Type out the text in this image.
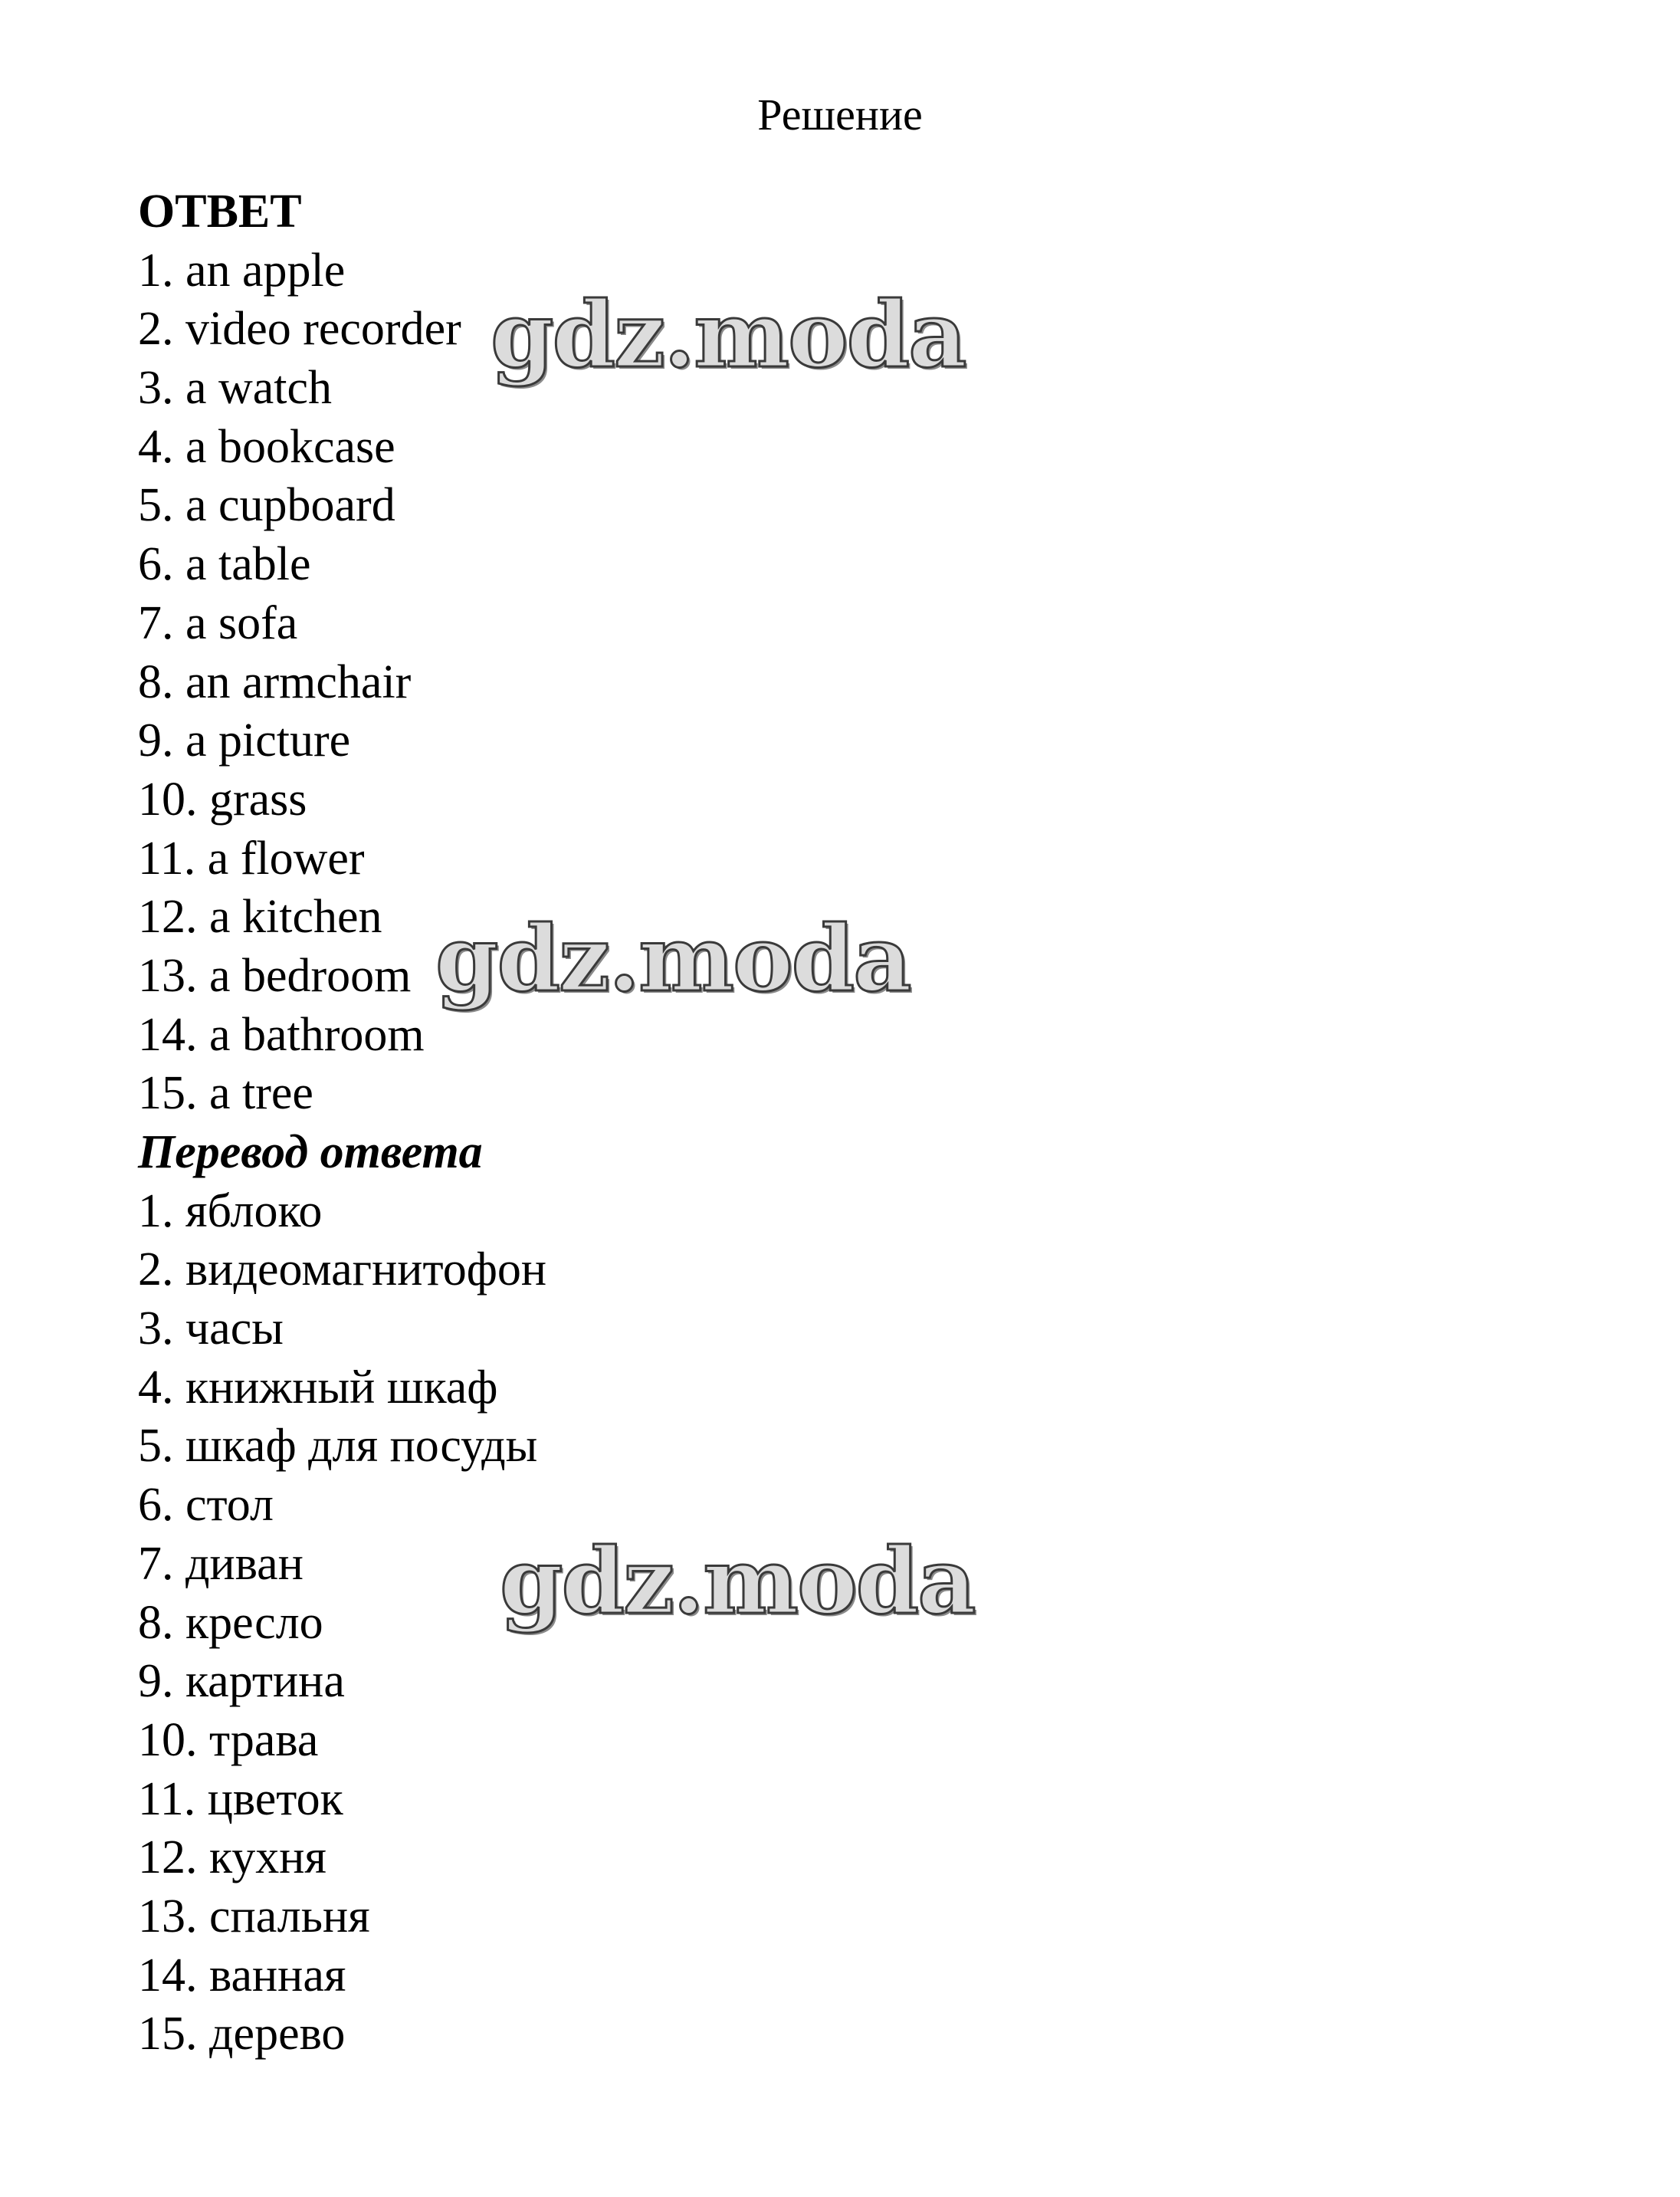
Решение
ОТВЕТ
1. an apple
2. video recorder
3. a watch
4. a bookcase
5. a cupboard
6. a table
7. a sofa
8. an armchair
9. a picture
10. grass
11. a flower
12. a kitchen
13. a bedroom
14. a bathroom
15. a tree
Перевод ответа
1. яблоко
2. видеомагнитофон
3. часы
4. книжный шкаф
5. шкаф для посуды
6. стол
7. диван
8. кресло
9. картина
10. трава
11. цветок
12. кухня
13. спальня
14. ванная
15. дерево
gdz.moda
gdz.moda
gdz.moda
